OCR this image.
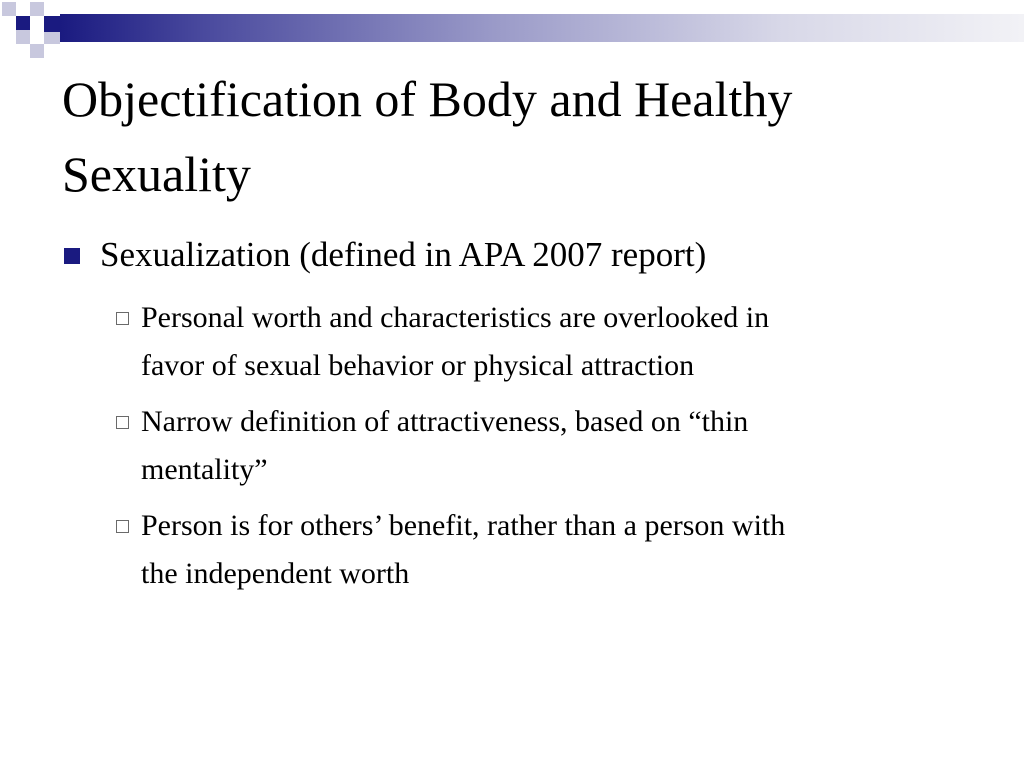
Objectification of Body and Healthy Sexuality
Sexualization (defined in APA 2007 report)
Personal worth and characteristics are overlooked in favor of sexual behavior or physical attraction
Narrow definition of attractiveness, based on “thin mentality”
Person is for others’ benefit, rather than a person with the independent worth
